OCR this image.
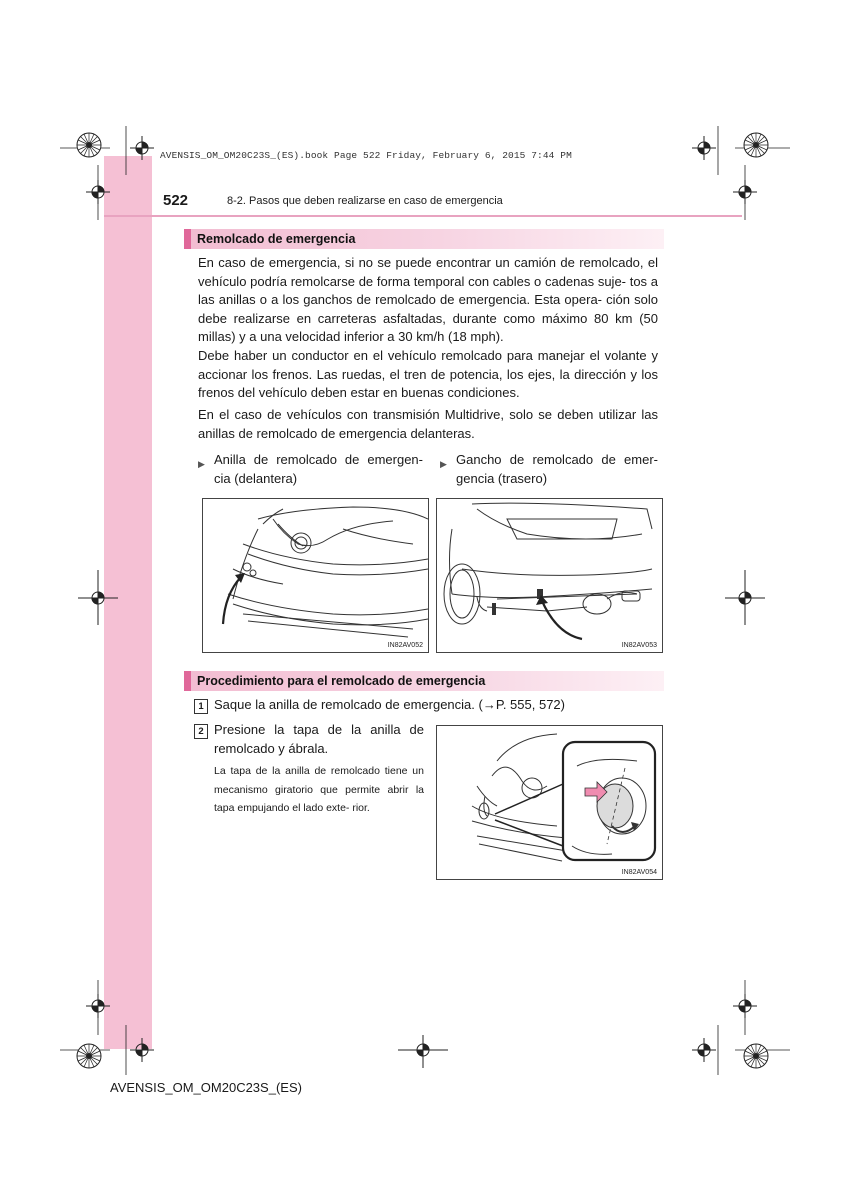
AVENSIS_OM_OM20C23S_(ES).book Page 522 Friday, February 6, 2015 7:44 PM
522	8-2. Pasos que deben realizarse en caso de emergencia
Remolcado de emergencia
En caso de emergencia, si no se puede encontrar un camión de remolcado, el vehículo podría remolcarse de forma temporal con cables o cadenas suje- tos a las anillas o a los ganchos de remolcado de emergencia. Esta opera- ción solo debe realizarse en carreteras asfaltadas, durante como máximo 80 km (50 millas) y a una velocidad inferior a 30 km/h (18 mph).
Debe haber un conductor en el vehículo remolcado para manejar el volante y accionar los frenos. Las ruedas, el tren de potencia, los ejes, la dirección y los frenos del vehículo deben estar en buenas condiciones.
En el caso de vehículos con transmisión Multidrive, solo se deben utilizar las anillas de remolcado de emergencia delanteras.
▶ Anilla de remolcado de emergen- cia (delantera)
▶ Gancho de remolcado de emer- gencia (trasero)
IN82AV052	IN82AV053
Procedimiento para el remolcado de emergencia
1 Saque la anilla de remolcado de emergencia. (→P. 555, 572)
2 Presione la tapa de la anilla de remolcado y ábrala.
La tapa de la anilla de remolcado tiene un mecanismo giratorio que permite abrir la tapa empujando el lado exte- rior.
IN82AV054
AVENSIS_OM_OM20C23S_(ES)
